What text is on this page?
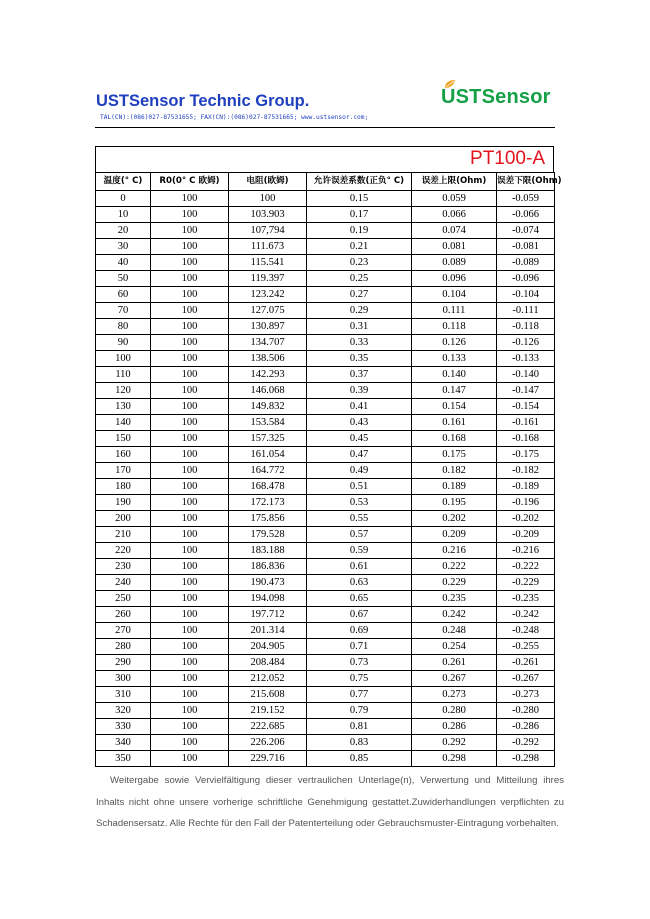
USTSensor Technic Group.
TAL(CN):(086)027-87531655; FAX(CN):(086)027-87531665; www.ustsensor.com;
USTSensor
PT100-A
温度(° C)	R0(0° C 欧姆)	电阻(欧姆)	允许误差系数(正负° C)	误差上限(Ohm)	误差下限(Ohm)
0	100	100	0.15	0.059	-0.059
10	100	103.903	0.17	0.066	-0.066
20	100	107,794	0.19	0.074	-0.074
30	100	111.673	0.21	0.081	-0.081
40	100	115.541	0.23	0.089	-0.089
50	100	119.397	0.25	0.096	-0.096
60	100	123.242	0.27	0.104	-0.104
70	100	127.075	0.29	0.111	-0.111
80	100	130.897	0.31	0.118	-0.118
90	100	134.707	0.33	0.126	-0.126
100	100	138.506	0.35	0.133	-0.133
110	100	142.293	0.37	0.140	-0.140
120	100	146.068	0.39	0.147	-0.147
130	100	149.832	0.41	0.154	-0.154
140	100	153.584	0.43	0.161	-0.161
150	100	157.325	0.45	0.168	-0.168
160	100	161.054	0.47	0.175	-0.175
170	100	164.772	0.49	0.182	-0.182
180	100	168.478	0.51	0.189	-0.189
190	100	172.173	0.53	0.195	-0.196
200	100	175.856	0.55	0.202	-0.202
210	100	179.528	0.57	0.209	-0.209
220	100	183.188	0.59	0.216	-0.216
230	100	186.836	0.61	0.222	-0.222
240	100	190.473	0.63	0.229	-0.229
250	100	194.098	0.65	0.235	-0.235
260	100	197.712	0.67	0.242	-0.242
270	100	201.314	0.69	0.248	-0.248
280	100	204.905	0.71	0.254	-0.255
290	100	208.484	0.73	0.261	-0.261
300	100	212.052	0.75	0.267	-0.267
310	100	215.608	0.77	0.273	-0.273
320	100	219.152	0.79	0.280	-0.280
330	100	222.685	0.81	0.286	-0.286
340	100	226.206	0.83	0.292	-0.292
350	100	229.716	0.85	0.298	-0.298

Weitergabe sowie Vervielfältigung dieser vertraulichen Unterlage(n), Verwertung und Mitteilung ihres Inhalts nicht ohne unsere vorherige schriftliche Genehmigung gestattet.Zuwiderhandlungen verpflichten zu Schadensersatz. Alle Rechte für den Fall der Patenterteilung oder Gebrauchsmuster-Eintragung vorbehalten.
